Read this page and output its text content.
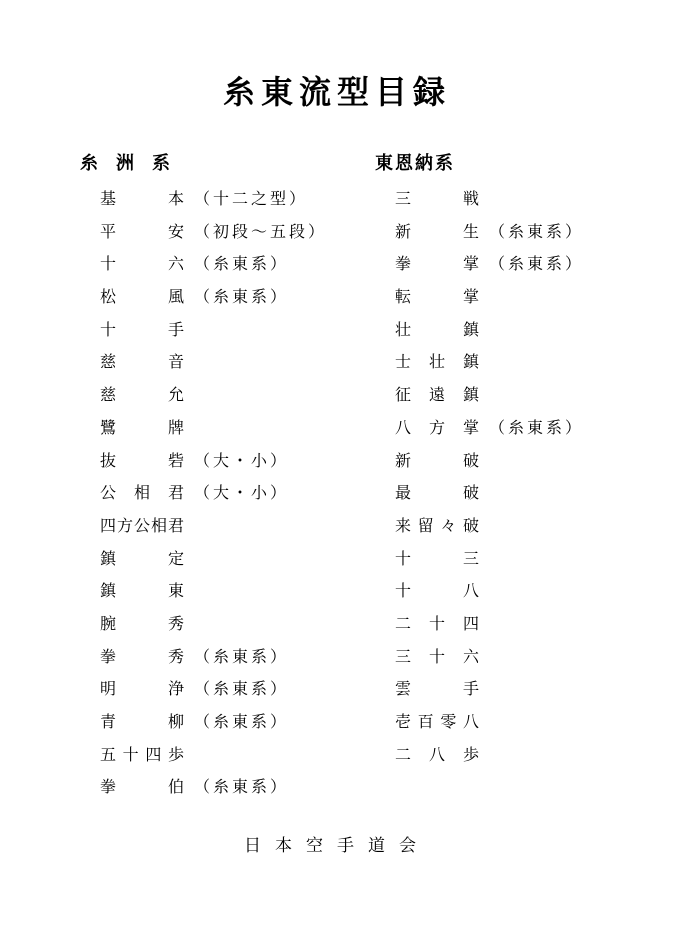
糸東流型目録
糸洲系
基	本 （十二之型）
平	安 （初段～五段）
十	六 （糸東系）
松	風 （糸東系）
十	手
慈	音
慈	允
鷺	牌
抜	砦 （大・小）
公 相 君 （大・小）
四 方 公 相 君
鎮	定
鎮	東
腕	秀
拳	秀 （糸東系）
明	浄 （糸東系）
青	柳 （糸東系）
五 十 四 歩
拳	伯 （糸東系）
東恩納系
三	戦
新	生 （糸東系）
拳	掌 （糸東系）
転	掌
壮	鎮
士 壮 鎮
征 遠 鎮
八 方 掌 （糸東系）
新	破
最	破
来 留 々 破
十	三
十	八
二 十 四
三 十 六
雲	手
壱 百 零 八
二 八 歩
日本空手道会
